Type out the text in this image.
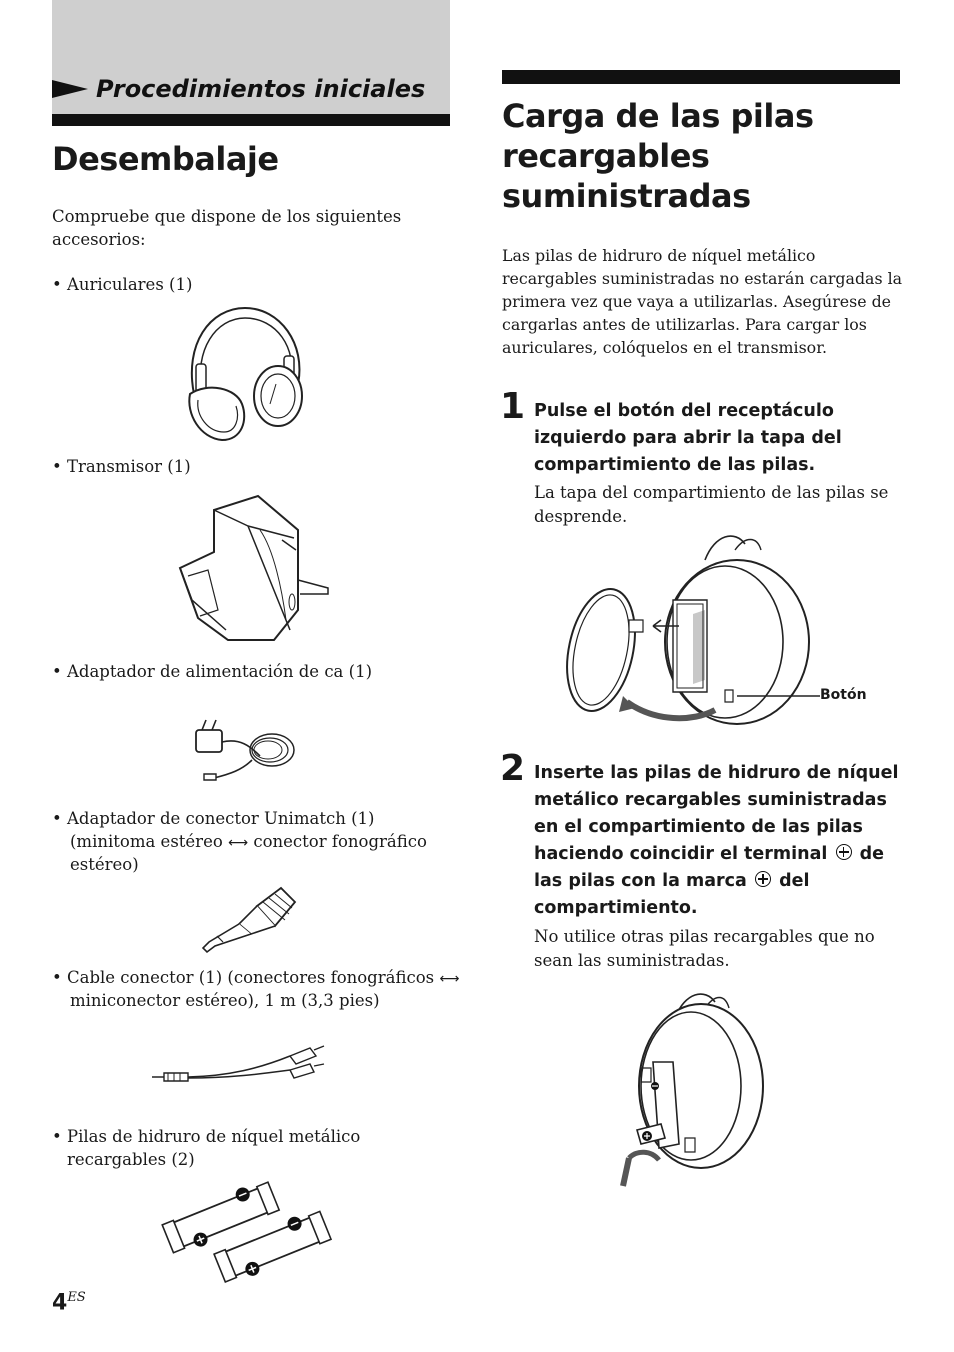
Procedimientos iniciales
Desembalaje
Compruebe que dispone de los siguientes accesorios:
• Auriculares (1)
• Transmisor (1)
• Adaptador de alimentación de ca (1)
• Adaptador de conector Unimatch (1)
(minitoma estéreo ⟷ conector fonográfico
estéreo)
• Cable conector (1) (conectores fonográficos ⟷
miniconector estéreo), 1 m (3,3 pies)
• Pilas de hidruro de níquel metálico
recargables (2)
$4^{ES}$
Carga de las pilas
recargables
suministradas
Las pilas de hidruro de níquel metálico recargables suministradas no estarán cargadas la primera vez que vaya a utilizarlas. Asegúrese de cargarlas antes de utilizarlas. Para cargar los auriculares, colóquelos en el transmisor.
1 Pulse el botón del receptáculo izquierdo para abrir la tapa del compartimiento de las pilas.
La tapa del compartimiento de las pilas se desprende.
Botón
2 Inserte las pilas de hidruro de níquel metálico recargables suministradas en el compartimiento de las pilas haciendo coincidir el terminal de las pilas con la marca del compartimiento.
No utilice otras pilas recargables que no sean las suministradas.
